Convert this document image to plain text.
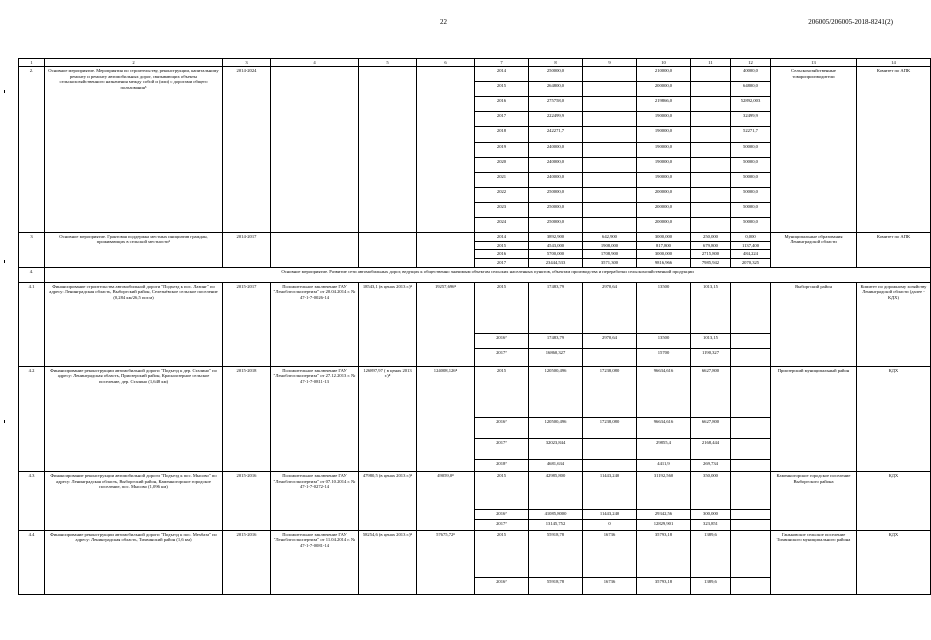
22	206005/206005-2018-8241(2)
1	2	3	4	5	6	7	8	9	10	11	12	13	14
2.	Основное мероприятие. Мероприятия по строительству, реконструкции, капитальному ремонту и ремонту автомобильных дорог, связывающих объекты сельскохозяйственного назначения между собой и (или) с дорогами общего пользования⁵	2014-2024				2014	250000,0		210000,0		40000,0	Сельскохозяйственные товаропроизводители	Комитет по АПК
						2015	264800,0		200000,0		64800,0		
						2016	275758,0		219866,0		52892,003		
						2017	222499,9		190000,0		32499,9		
						2018	242271,7		190000,0		52271,7		
						2019	240000,0		190000,0		50000,0		
						2020	240000,0		190000,0		50000,0		
						2021	240000,0		190000,0		50000,0		
						2022	250000,0		200000,0		50000,0		
						2023	250000,0		200000,0		50000,0		
						2024	250000,0		200000,0		50000,0		
3	Основное мероприятие. Грантовая поддержка местных инициатив граждан, проживающих в сельской местности⁶	2014-2017				2014	3892,900	642,900	3000,000	250,000	0,000	Муниципальные образования Ленинградской области	Комитет по АПК
						2015	4543,000	1908,000	817,800	679,800	1137,400		
						2016	5700,000	1708,900	3000,000	2715,800	484,224		
						2017	23444,533	3571,300	9816,966	7985,942	2070,325		
4.	Основное мероприятие. Развитие сети автомобильных дорог, ведущих к общественно значимым объектам сельских населенных пунктов, объектам производства и переработки сельскохозяйственной продукции												
4.1	Финансирование строительства автомобильной дороги "Подъезд к пос. Лазинг" по адресу: Ленинградская область, Выборгский район, Селезнёвское сельское поселение (0,284 км/26,5 пог.м)	2015-2017	Положительное заключение ГАУ "Леноблгосэкспертиза" от 20.04.2014 г. № 47-1-7-0026-14	18543,1 (в ценах 2013 г.)⁸	19257,696⁸	2015	17483,79	2970,64	13500	1013,15		Выборгский район	Комитет по дорожному хозяйству Ленинградской области (далее - КДХ)
						2016⁷	17483,79	2970,64	13500	1013,15			
						2017⁷	16860,327		15700	1190,327			
4.2	Финансирование реконструкции автомобильной дороги "Подъезд к дер. Сталино" по адресу: Ленинградская область, Приозерский район, Красноозерное сельское поселение, дер. Сталино (1,648 км)	2015-2018	Положительное заключение ГАУ "Леноблгосэкспертиза" от 27.12.2013 г. № 47-1-7-0811-13	126897,97 ( в ценах 2013 г.)⁸	124008,126⁸	2015	120500,496	17238,080	96634,616	6627,800		Приозерский муниципальный район	КДХ
						2016⁷	120500,496	17238,080	96634,616	6627,800			
						2017⁷	32023,844		29855,4	2168,444			
						2018⁷	4681,634		4411,9	269,734			
4.3	Финансирование реконструкции автомобильной дороги "Подъезд к пос. Мысово" по адресу: Ленинградская область, Выборгский район, Каменногорское городское поселение, пос. Мысово (1,096 км)	2015-2016	Положительное заключение ГАУ "Леноблгосэкспертиза" от 07.10.2014 г. № 47-1-7-0272-14	47980,5 (в ценах 2013 г.)⁸	49059,0⁸	2015	42985,800	11443,240	31192,560	350,000		Каменногорское городское поселение Выборгского района	КДХ
						2016⁷	41085,8000	11443,240	29342,56	300,000			
						2017⁷	13145,752	0	12829,901	323,851			
4.4	Финансирование реконструкции автомобильной дороги "Подъезд к пос. Мехбаза" по адресу: Ленинградская область, Тихвинский район (1,6 км)	2015-2016	Положительное заключение ГАУ "Леноблгосэкспертиза" от 11.04.2014 г. № 47-1-7-0081-14	58254,6 (в ценах 2013 г.)⁸	57675,72⁸	2015	55918,78	16736	35793,18	1389,6		Ганьковское сельское поселение Тихвинского муниципального района	КДХ
						2016⁷	55918,78	16736	35793,18	1389,6			
